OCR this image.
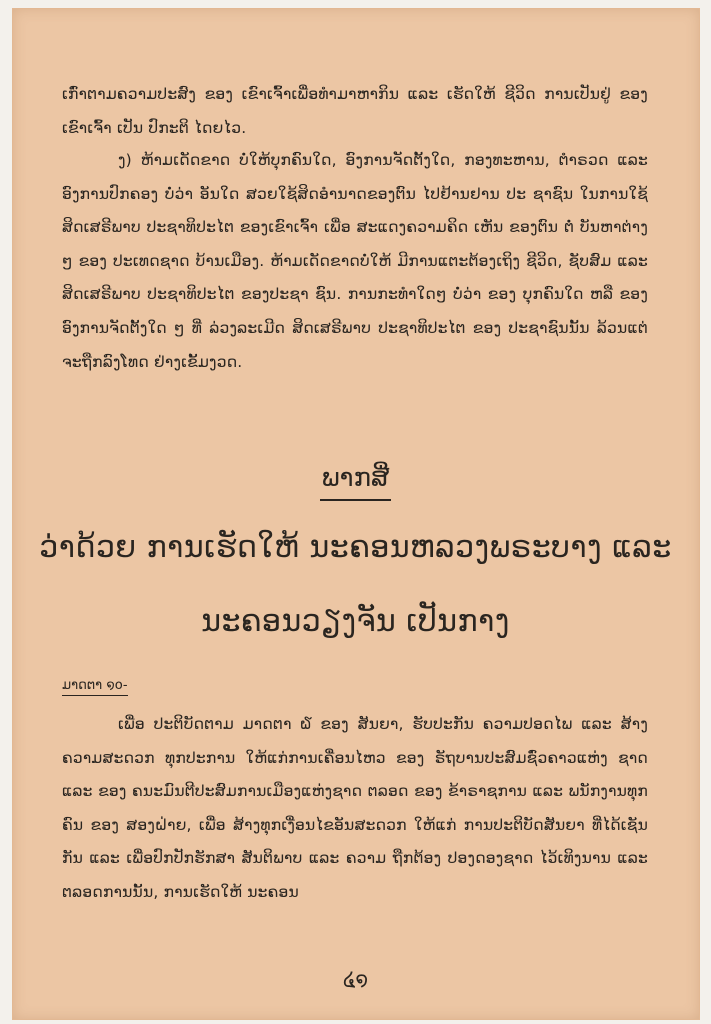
ເກົ່າຕາມຄວາມປະສົງ ຂອງ ເຂົາເຈົ້າເພື່ອທຳມາຫາກິນ ແລະ ເຮັດໃຫ້ ຊີວິດ ການເປັນຢູ່ ຂອງ ເຂົາເຈົ້າ ເປັນ ປົກະຕິ ໄດຍໄວ.
ງ) ຫ້າມເດັດຂາດ ບໍ່ໃຫ້ບຸກຄົນໃດ, ອົງການຈັດຕັ້ງໃດ, ກອງທະຫານ, ຕຳຣວດ ແລະ ອົງການປົກຄອງ ບໍ່ວ່າ ອັນໃດ ສວຍໃຊ້ສິດອຳນາດຂອງຕົນ ໄປຢ້ານຢານ ປະ ຊາຊົນ ໃນການໃຊ້ສິດເສຣີພາບ ປະຊາທິປະໄຕ ຂອງເຂົາເຈົ້າ ເພື່ອ ສະແດງຄວາມຄິດ ເຫັນ ຂອງຕົນ ຕໍ່ ບັນຫາຕ່າງໆ ຂອງ ປະເທດຊາດ ບ້ານເມືອງ. ຫ້າມເດັດຂາດບໍ່ໃຫ້ ມີການແຕະຕ້ອງເຖິງ ຊີວິດ, ຊັບສົມ ແລະ ສິດເສຣີພາບ ປະຊາທິປະໄຕ ຂອງປະຊາ ຊົນ. ການກະທຳໃດໆ ບໍ່ວ່າ ຂອງ ບຸກຄົນໃດ ຫລື ຂອງ ອົງການຈັດຕັ້ງໃດ ໆ ທີ່ ລ່ວງລະເມີດ ສິດເສຣີພາບ ປະຊາທິປະໄຕ ຂອງ ປະຊາຊົນນັ້ນ ລ້ວນແຕ່ ຈະຖືກລົງໂທດ ຢ່າງເຂັ້ມງວດ.
ພາກສີ່
ວ່າດ້ວຍ ການເຮັດໃຫ້ ນະຄອນຫລວງພຣະບາງ ແລະ
ນະຄອນວຽງຈັນ ເປັນກາງ
ມາດຕາ ໑໐-
ເພື່ອ ປະຕິບັດຕາມ ມາດຕາ ໖ ຂອງ ສັນຍາ, ຮັບປະກັນ ຄວາມປອດໄພ ແລະ ສ້າງຄວາມສະດວກ ທຸກປະການ ໃຫ້ແກ່ການເຄື່ອນໄຫວ ຂອງ ຣັຖບານປະສົມຊົ່ວຄາວແຫ່ງ ຊາດ ແລະ ຂອງ ຄນະມົນຕີປະສົມການເມືອງແຫ່ງຊາດ ຕລອດ ຂອງ ຂ້າຣາຊການ ແລະ ພນັກງານທຸກຄົນ ຂອງ ສອງຝ່າຍ, ເພື່ອ ສ້າງທຸກເງື່ອນໄຂອັນສະດວກ ໃຫ້ແກ່ ການປະຕິບັດສັນຍາ ທີ່ໄດ້ເຊັນກັນ ແລະ ເພື່ອປົກປັກຮັກສາ ສັນຕິພາບ ແລະ ຄວາມ ຖືກຕ້ອງ ປອງດອງຊາດ ໄວ້ເທິງນານ ແລະ ຕລອດການນັ້ນ, ການເຮັດໃຫ້ ນະຄອນ
໔໑
